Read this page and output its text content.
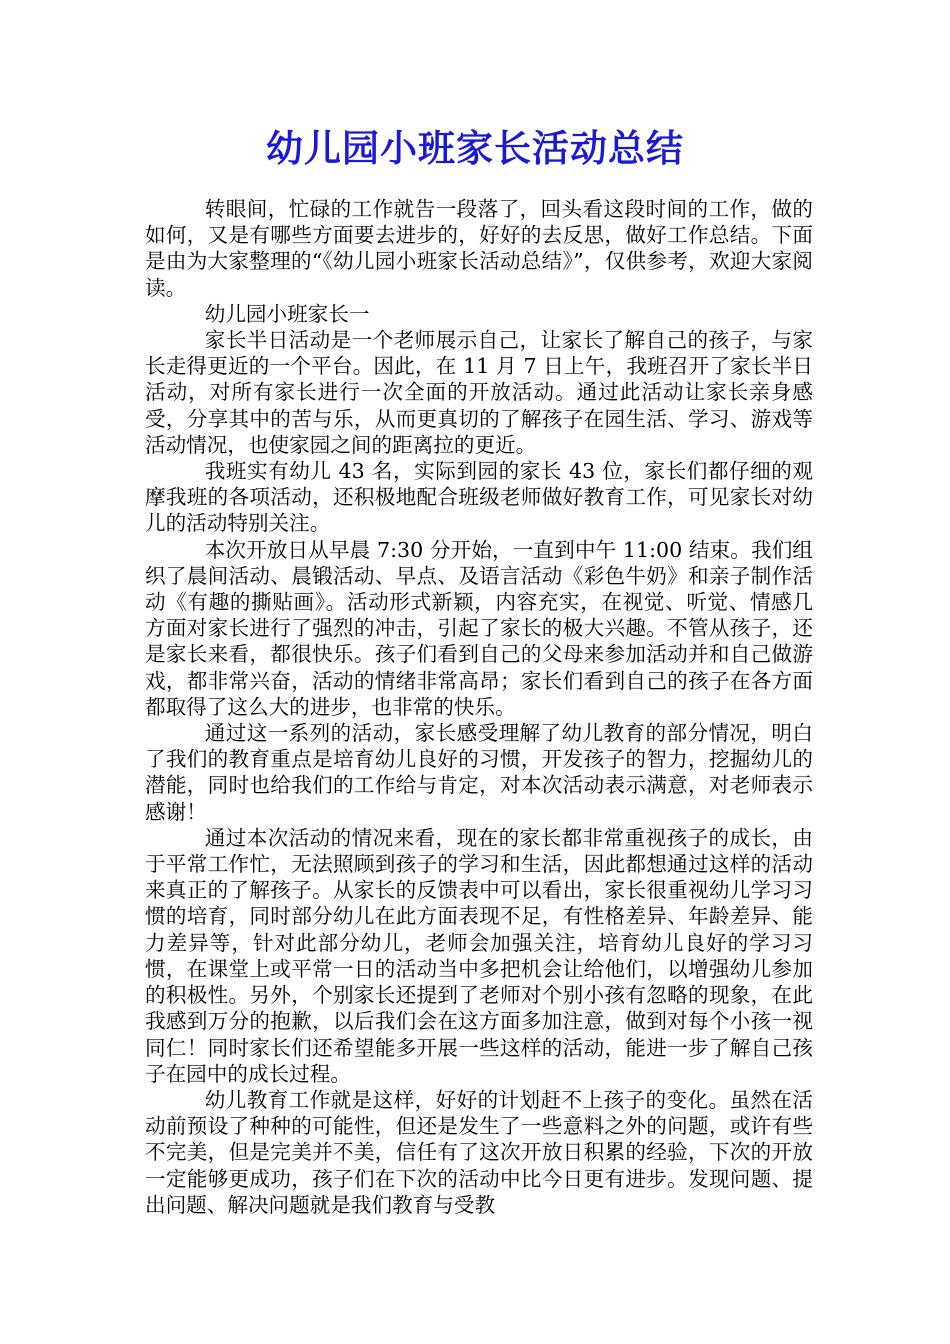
幼儿园小班家长活动总结

转眼间，忙碌的工作就告一段落了，回头看这段时间的工作，做的如何，又是有哪些方面要去进步的，好好的去反思，做好工作总结。下面是由为大家整理的“《幼儿园小班家长活动总结》”，仅供参考，欢迎大家阅读。

幼儿园小班家长一

家长半日活动是一个老师展示自己，让家长了解自己的孩子，与家长走得更近的一个平台。因此，在 11 月 7 日上午，我班召开了家长半日活动，对所有家长进行一次全面的开放活动。通过此活动让家长亲身感受，分享其中的苦与乐，从而更真切的了解孩子在园生活、学习、游戏等活动情况，也使家园之间的距离拉的更近。

我班实有幼儿 43 名，实际到园的家长 43 位，家长们都仔细的观摩我班的各项活动，还积极地配合班级老师做好教育工作，可见家长对幼儿的活动特别关注。

本次开放日从早晨 7:30 分开始，一直到中午 11:00 结束。我们组织了晨间活动、晨锻活动、早点、及语言活动《彩色牛奶》和亲子制作活动《有趣的撕贴画》。活动形式新颖，内容充实，在视觉、听觉、情感几方面对家长进行了强烈的冲击，引起了家长的极大兴趣。不管从孩子，还是家长来看，都很快乐。孩子们看到自己的父母来参加活动并和自己做游戏，都非常兴奋，活动的情绪非常高昂；家长们看到自己的孩子在各方面都取得了这么大的进步，也非常的快乐。

通过这一系列的活动，家长感受理解了幼儿教育的部分情况，明白了我们的教育重点是培育幼儿良好的习惯，开发孩子的智力，挖掘幼儿的潜能，同时也给我们的工作给与肯定，对本次活动表示满意，对老师表示感谢！

通过本次活动的情况来看，现在的家长都非常重视孩子的成长，由于平常工作忙，无法照顾到孩子的学习和生活，因此都想通过这样的活动来真正的了解孩子。从家长的反馈表中可以看出，家长很重视幼儿学习习惯的培育，同时部分幼儿在此方面表现不足，有性格差异、年龄差异、能力差异等，针对此部分幼儿，老师会加强关注，培育幼儿良好的学习习惯，在课堂上或平常一日的活动当中多把机会让给他们，以增强幼儿参加的积极性。另外，个别家长还提到了老师对个别小孩有忽略的现象，在此我感到万分的抱歉，以后我们会在这方面多加注意，做到对每个小孩一视同仁！同时家长们还希望能多开展一些这样的活动，能进一步了解自己孩子在园中的成长过程。

幼儿教育工作就是这样，好好的计划赶不上孩子的变化。虽然在活动前预设了种种的可能性，但还是发生了一些意料之外的问题，或许有些不完美，但是完美并不美，信任有了这次开放日积累的经验，下次的开放一定能够更成功，孩子们在下次的活动中比今日更有进步。发现问题、提出问题、解决问题就是我们教育与受教
